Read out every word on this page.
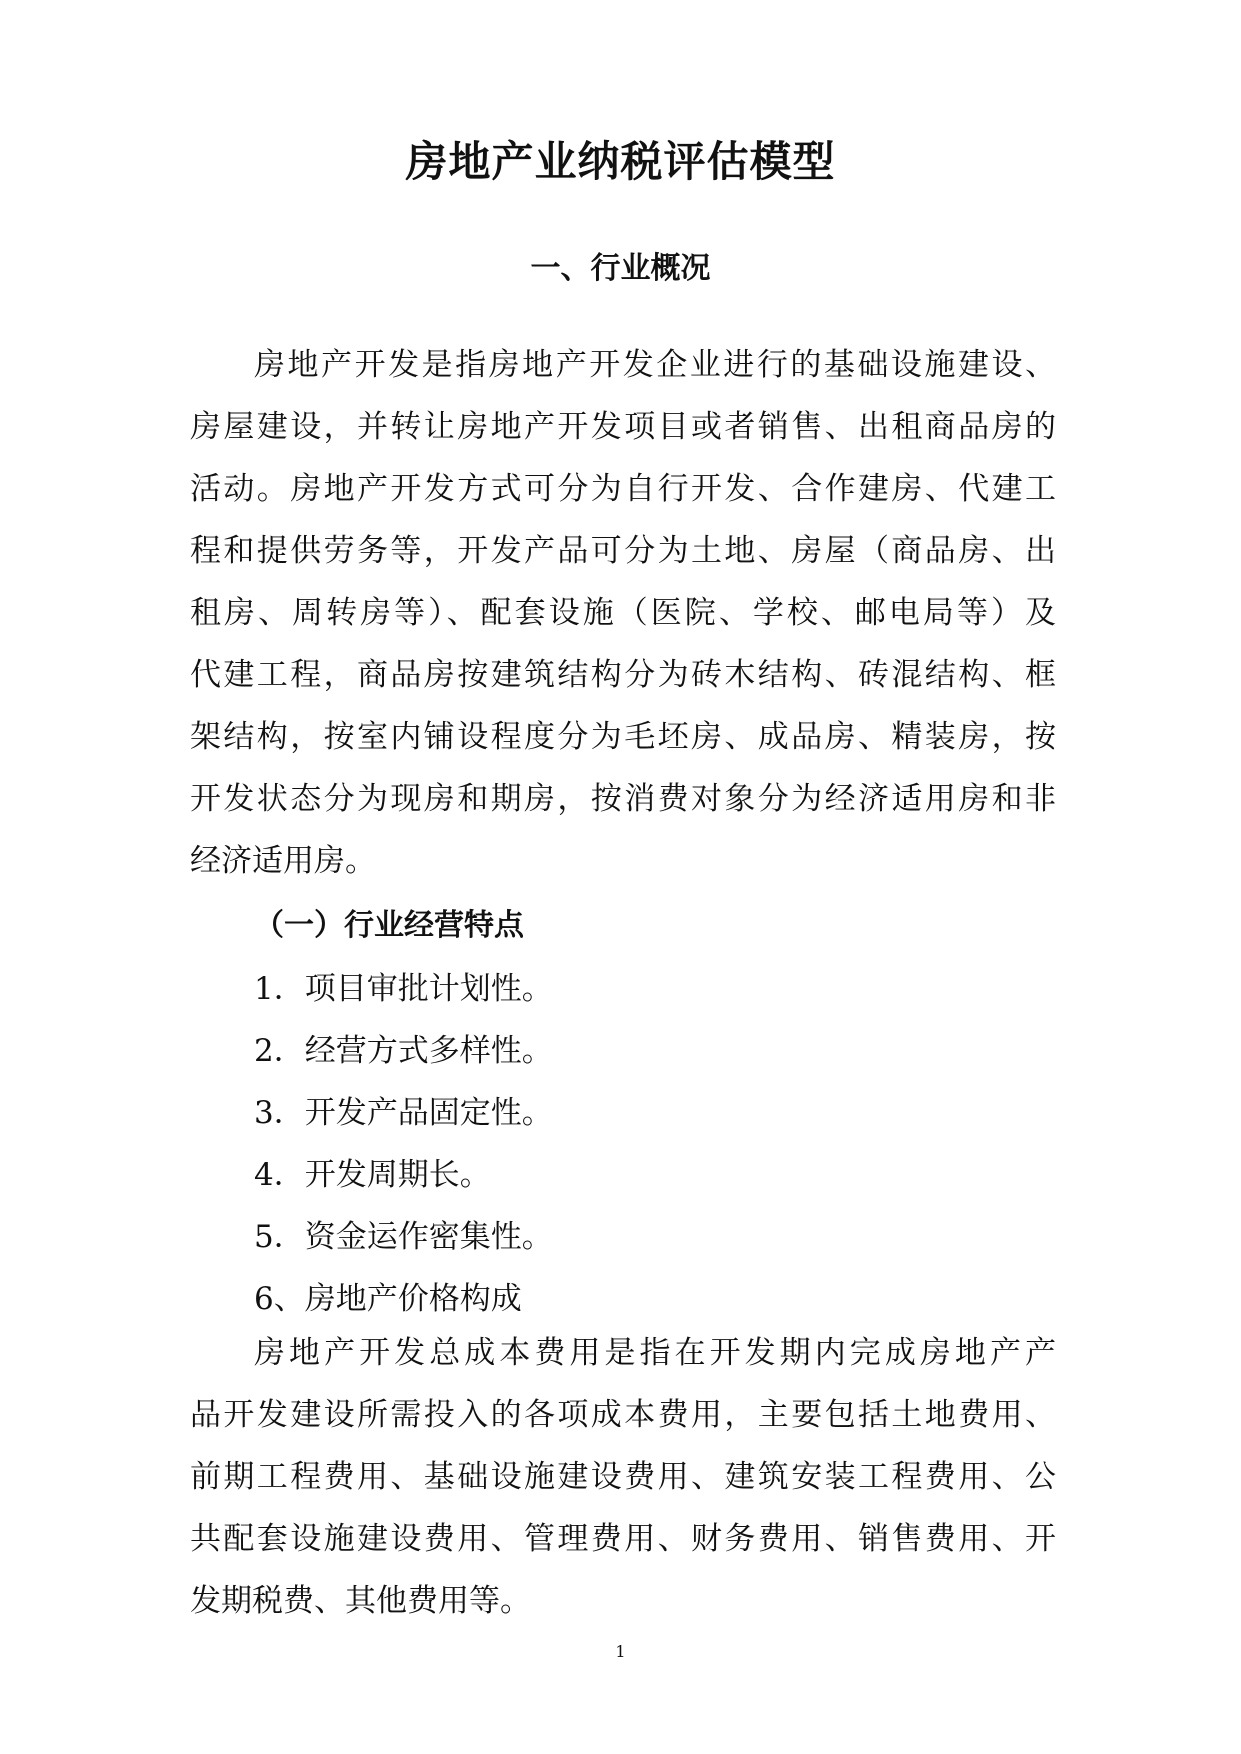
房地产业纳税评估模型
一、行业概况
房地产开发是指房地产开发企业进行的基础设施建设、
房屋建设，并转让房地产开发项目或者销售、出租商品房的
活动。房地产开发方式可分为自行开发、合作建房、代建工
程和提供劳务等，开发产品可分为土地、房屋（商品房、出
租房、周转房等）、配套设施（医院、学校、邮电局等）及
代建工程，商品房按建筑结构分为砖木结构、砖混结构、框
架结构，按室内铺设程度分为毛坯房、成品房、精装房，按
开发状态分为现房和期房，按消费对象分为经济适用房和非
经济适用房。
（一）行业经营特点
1．项目审批计划性。
2．经营方式多样性。
3．开发产品固定性。
4．开发周期长。
5．资金运作密集性。
6、房地产价格构成
房地产开发总成本费用是指在开发期内完成房地产产
品开发建设所需投入的各项成本费用，主要包括土地费用、
前期工程费用、基础设施建设费用、建筑安装工程费用、公
共配套设施建设费用、管理费用、财务费用、销售费用、开
发期税费、其他费用等。
1
